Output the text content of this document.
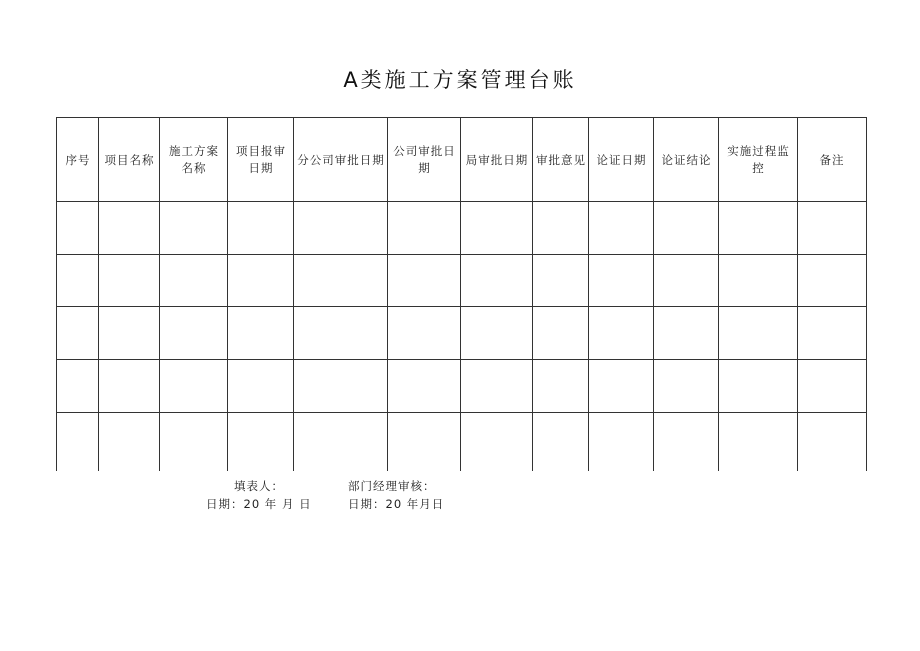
A类施工方案管理台账
序号	项目名称
施工方案名称
项目报审日期
分公司审批日期
公司审批日期
局审批日期 审批意见 论证日期	论证结论
实施过程监控
备注
填表人：
日期：20 年 月 日
部门经理审核：
日期：20 年月日
